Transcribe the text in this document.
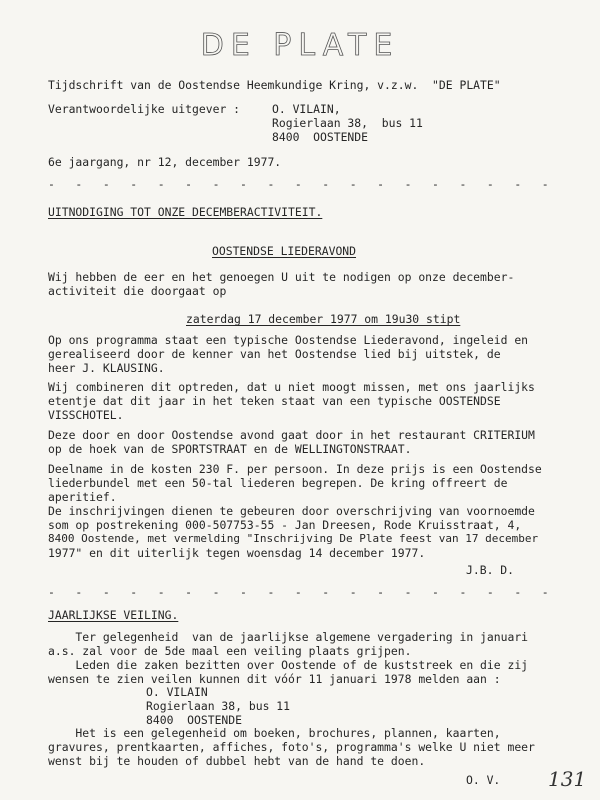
DE PLATE
Tijdschrift van de Oostendse Heemkundige Kring, v.z.w.  "DE PLATE"
Verantwoordelijke uitgever :	O. VILAIN,
Rogierlaan 38,  bus 11
8400  OOSTENDE
6e jaargang, nr 12, december 1977.
-   -   -   -   -   -   -   -   -   -   -   -   -   -   -   -   -   -   -
UITNODIGING TOT ONZE DECEMBERACTIVITEIT.
OOSTENDSE LIEDERAVOND
Wij hebben de eer en het genoegen U uit te nodigen op onze december-
activiteit die doorgaat op
zaterdag 17 december 1977 om 19u30 stipt
Op ons programma staat een typische Oostendse Liederavond, ingeleid en
gerealiseerd door de kenner van het Oostendse lied bij uitstek, de
heer J. KLAUSING.
Wij combineren dit optreden, dat u niet moogt missen, met ons jaarlijks
etentje dat dit jaar in het teken staat van een typische OOSTENDSE
VISSCHOTEL.
Deze door en door Oostendse avond gaat door in het restaurant CRITERIUM
op de hoek van de SPORTSTRAAT en de WELLINGTONSTRAAT.
Deelname in de kosten 230 F. per persoon. In deze prijs is een Oostendse
liederbundel met een 50-tal liederen begrepen. De kring offreert de
aperitief.
De inschrijvingen dienen te gebeuren door overschrijving van voornoemde
som op postrekening 000-507753-55 - Jan Dreesen, Rode Kruisstraat, 4,
8400 Oostende, met vermelding "Inschrijving De Plate feest van 17 december
1977" en dit uiterlijk tegen woensdag 14 december 1977.
J.B. D.
-   -   -   -   -   -   -   -   -   -   -   -   -   -   -   -   -   -   -
JAARLIJKSE VEILING.
Ter gelegenheid  van de jaarlijkse algemene vergadering in januari
a.s. zal voor de 5de maal een veiling plaats grijpen.
Leden die zaken bezitten over Oostende of de kuststreek en die zij
wensen te zien veilen kunnen dit vóór 11 januari 1978 melden aan :
O. VILAIN
Rogierlaan 38, bus 11
8400  OOSTENDE
Het is een gelegenheid om boeken, brochures, plannen, kaarten,
gravures, prentkaarten, affiches, foto's, programma's welke U niet meer
wenst bij te houden of dubbel hebt van de hand te doen.
O. V. 131
